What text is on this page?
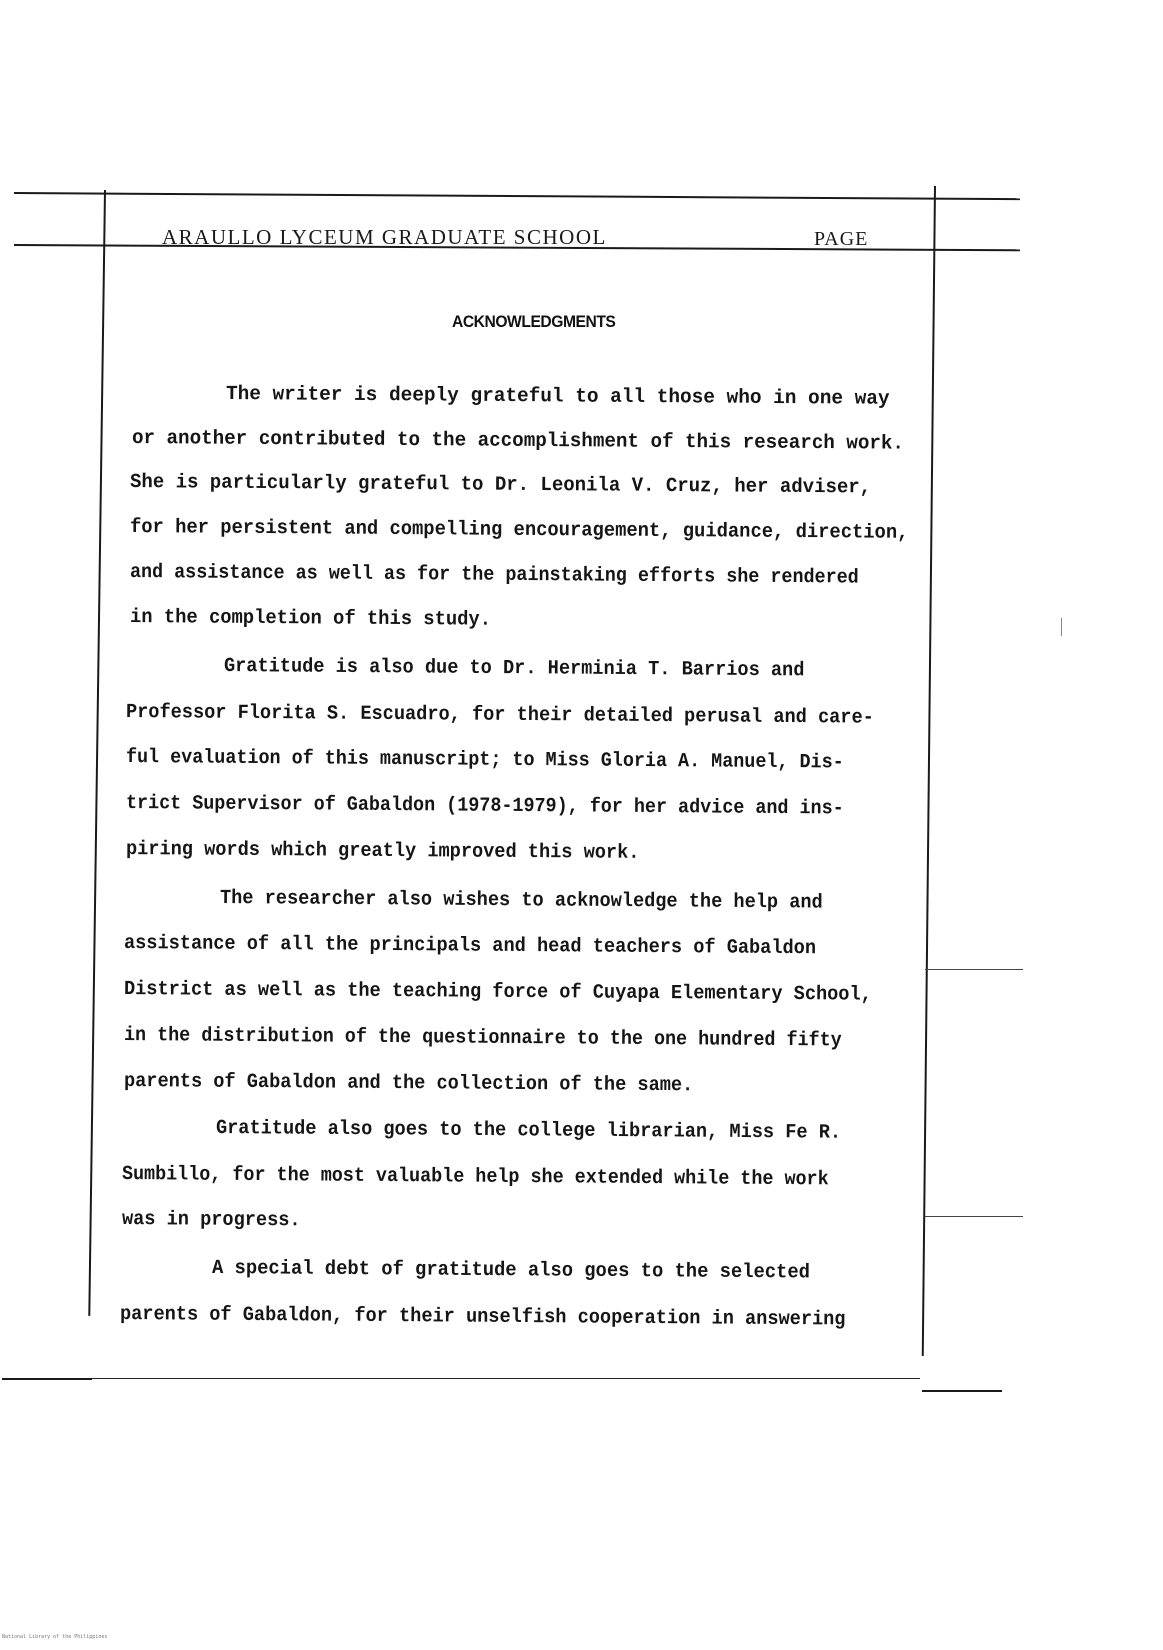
ARAULLO LYCEUM GRADUATE SCHOOL	PAGE
ACKNOWLEDGMENTS
The writer is deeply grateful to all those who in one way
or another contributed to the accomplishment of this research work.
She is particularly grateful to Dr. Leonila V. Cruz, her adviser,
for her persistent and compelling encouragement, guidance, direction,
and assistance as well as for the painstaking efforts she rendered
in the completion of this study.
Gratitude is also due to Dr. Herminia T. Barrios and
Professor Florita S. Escuadro, for their detailed perusal and care-
ful evaluation of this manuscript; to Miss Gloria A. Manuel, Dis-
trict Supervisor of Gabaldon (1978-1979), for her advice and ins-
piring words which greatly improved this work.
The researcher also wishes to acknowledge the help and
assistance of all the principals and head teachers of Gabaldon
District as well as the teaching force of Cuyapa Elementary School,
in the distribution of the questionnaire to the one hundred fifty
parents of Gabaldon and the collection of the same.
Gratitude also goes to the college librarian, Miss Fe R.
Sumbillo, for the most valuable help she extended while the work
was in progress.
A special debt of gratitude also goes to the selected
parents of Gabaldon, for their unselfish cooperation in answering
National Library of the Philippines
